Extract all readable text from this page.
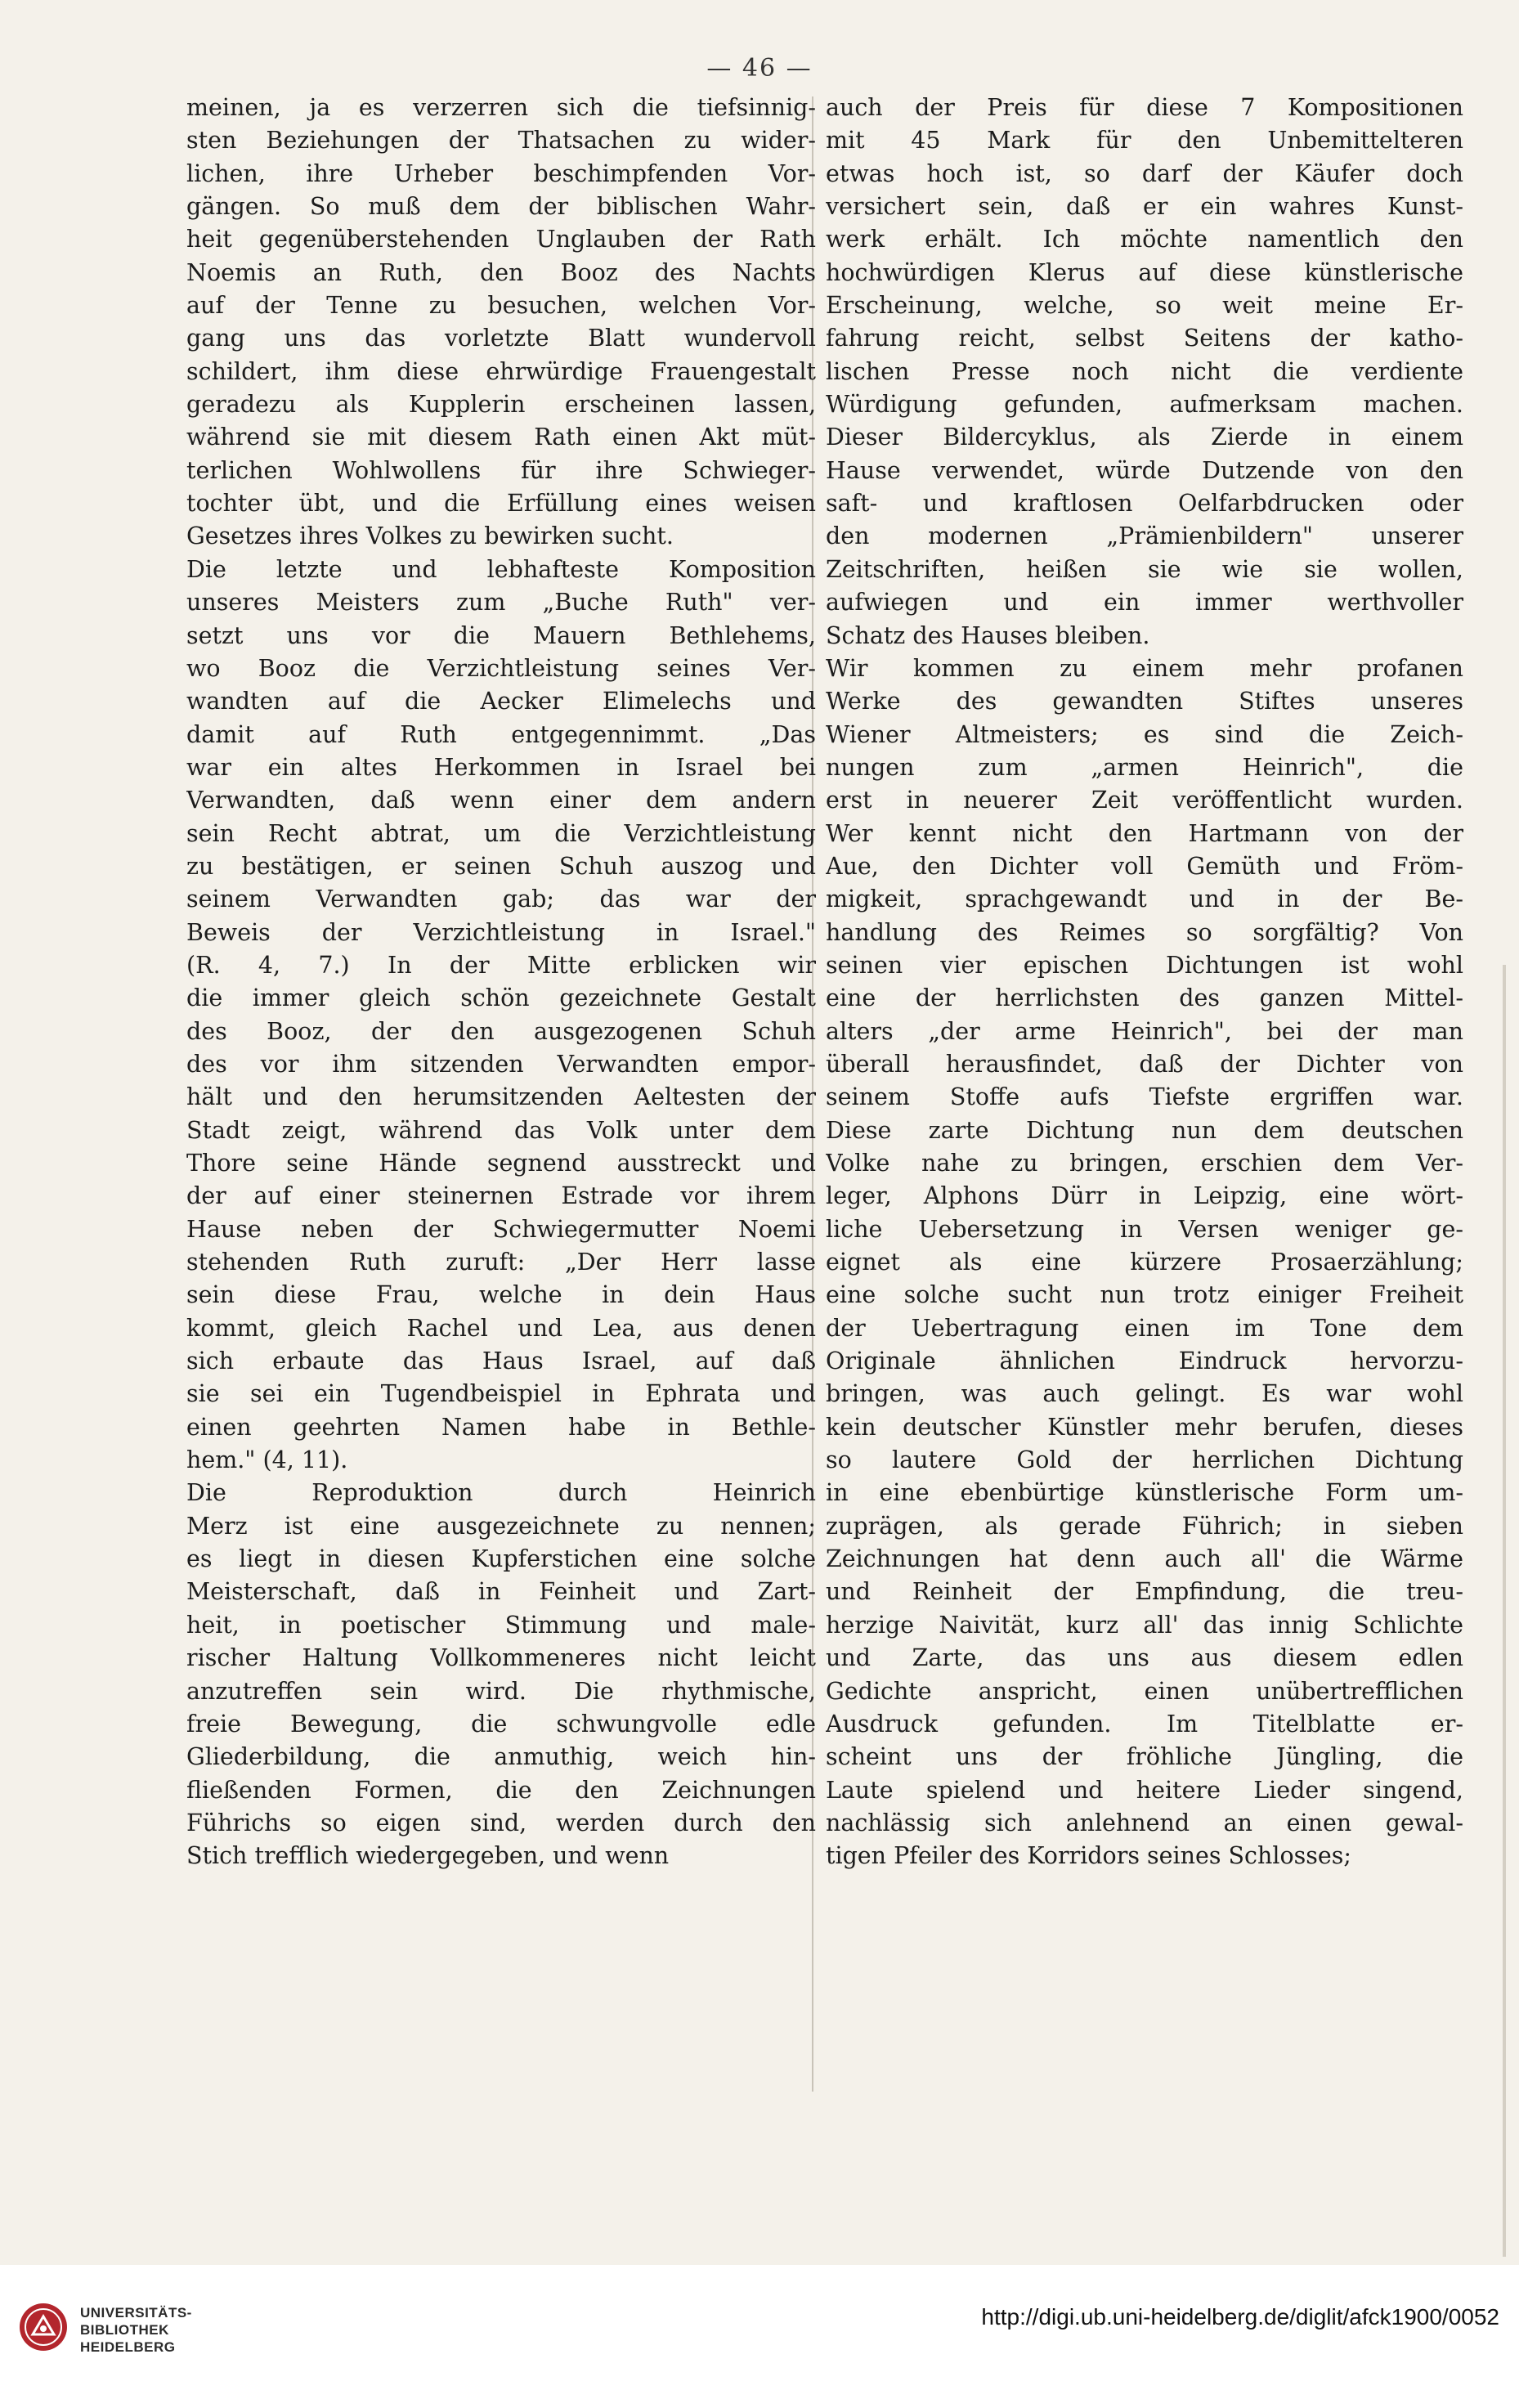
— 46 —
meinen, ja es verzerren sich die tiefsinnig-
sten Beziehungen der Thatsachen zu wider-
lichen, ihre Urheber beschimpfenden Vor-
gängen. So muß dem der biblischen Wahr-
heit gegenüberstehenden Unglauben der Rath
Noemis an Ruth, den Booz des Nachts
auf der Tenne zu besuchen, welchen Vor-
gang uns das vorletzte Blatt wundervoll
schildert, ihm diese ehrwürdige Frauengestalt
geradezu als Kupplerin erscheinen lassen,
während sie mit diesem Rath einen Akt müt-
terlichen Wohlwollens für ihre Schwieger-
tochter übt, und die Erfüllung eines weisen
Gesetzes ihres Volkes zu bewirken sucht.
Die letzte und lebhafteste Komposition
unseres Meisters zum „Buche Ruth" ver-
setzt uns vor die Mauern Bethlehems,
wo Booz die Verzichtleistung seines Ver-
wandten auf die Aecker Elimelechs und
damit auf Ruth entgegennimmt. „Das
war ein altes Herkommen in Israel bei
Verwandten, daß wenn einer dem andern
sein Recht abtrat, um die Verzichtleistung
zu bestätigen, er seinen Schuh auszog und
seinem Verwandten gab; das war der
Beweis der Verzichtleistung in Israel."
(R. 4, 7.) In der Mitte erblicken wir
die immer gleich schön gezeichnete Gestalt
des Booz, der den ausgezogenen Schuh
des vor ihm sitzenden Verwandten empor-
hält und den herumsitzenden Aeltesten der
Stadt zeigt, während das Volk unter dem
Thore seine Hände segnend ausstreckt und
der auf einer steinernen Estrade vor ihrem
Hause neben der Schwiegermutter Noemi
stehenden Ruth zuruft: „Der Herr lasse
sein diese Frau, welche in dein Haus
kommt, gleich Rachel und Lea, aus denen
sich erbaute das Haus Israel, auf daß
sie sei ein Tugendbeispiel in Ephrata und
einen geehrten Namen habe in Bethle-
hem." (4, 11).
Die Reproduktion durch Heinrich
Merz ist eine ausgezeichnete zu nennen;
es liegt in diesen Kupferstichen eine solche
Meisterschaft, daß in Feinheit und Zart-
heit, in poetischer Stimmung und male-
rischer Haltung Vollkommeneres nicht leicht
anzutreffen sein wird. Die rhythmische,
freie Bewegung, die schwungvolle edle
Gliederbildung, die anmuthig, weich hin-
fließenden Formen, die den Zeichnungen
Führichs so eigen sind, werden durch den
Stich trefflich wiedergegeben, und wenn
auch der Preis für diese 7 Kompositionen
mit 45 Mark für den Unbemittelteren
etwas hoch ist, so darf der Käufer doch
versichert sein, daß er ein wahres Kunst-
werk erhält. Ich möchte namentlich den
hochwürdigen Klerus auf diese künstlerische
Erscheinung, welche, so weit meine Er-
fahrung reicht, selbst Seitens der katho-
lischen Presse noch nicht die verdiente
Würdigung gefunden, aufmerksam machen.
Dieser Bildercyklus, als Zierde in einem
Hause verwendet, würde Dutzende von den
saft- und kraftlosen Oelfarbdrucken oder
den modernen „Prämienbildern" unserer
Zeitschriften, heißen sie wie sie wollen,
aufwiegen und ein immer werthvoller
Schatz des Hauses bleiben.
Wir kommen zu einem mehr profanen
Werke des gewandten Stiftes unseres
Wiener Altmeisters; es sind die Zeich-
nungen zum „armen Heinrich", die
erst in neuerer Zeit veröffentlicht wurden.
Wer kennt nicht den Hartmann von der
Aue, den Dichter voll Gemüth und Fröm-
migkeit, sprachgewandt und in der Be-
handlung des Reimes so sorgfältig? Von
seinen vier epischen Dichtungen ist wohl
eine der herrlichsten des ganzen Mittel-
alters „der arme Heinrich", bei der man
überall herausfindet, daß der Dichter von
seinem Stoffe aufs Tiefste ergriffen war.
Diese zarte Dichtung nun dem deutschen
Volke nahe zu bringen, erschien dem Ver-
leger, Alphons Dürr in Leipzig, eine wört-
liche Uebersetzung in Versen weniger ge-
eignet als eine kürzere Prosaerzählung;
eine solche sucht nun trotz einiger Freiheit
der Uebertragung einen im Tone dem
Originale ähnlichen Eindruck hervorzu-
bringen, was auch gelingt. Es war wohl
kein deutscher Künstler mehr berufen, dieses
so lautere Gold der herrlichen Dichtung
in eine ebenbürtige künstlerische Form um-
zuprägen, als gerade Führich; in sieben
Zeichnungen hat denn auch all' die Wärme
und Reinheit der Empfindung, die treu-
herzige Naivität, kurz all' das innig Schlichte
und Zarte, das uns aus diesem edlen
Gedichte anspricht, einen unübertrefflichen
Ausdruck gefunden. Im Titelblatte er-
scheint uns der fröhliche Jüngling, die
Laute spielend und heitere Lieder singend,
nachlässig sich anlehnend an einen gewal-
tigen Pfeiler des Korridors seines Schlosses;
UNIVERSITÄTS-
BIBLIOTHEK
HEIDELBERG
http://digi.ub.uni-heidelberg.de/diglit/afck1900/0052
